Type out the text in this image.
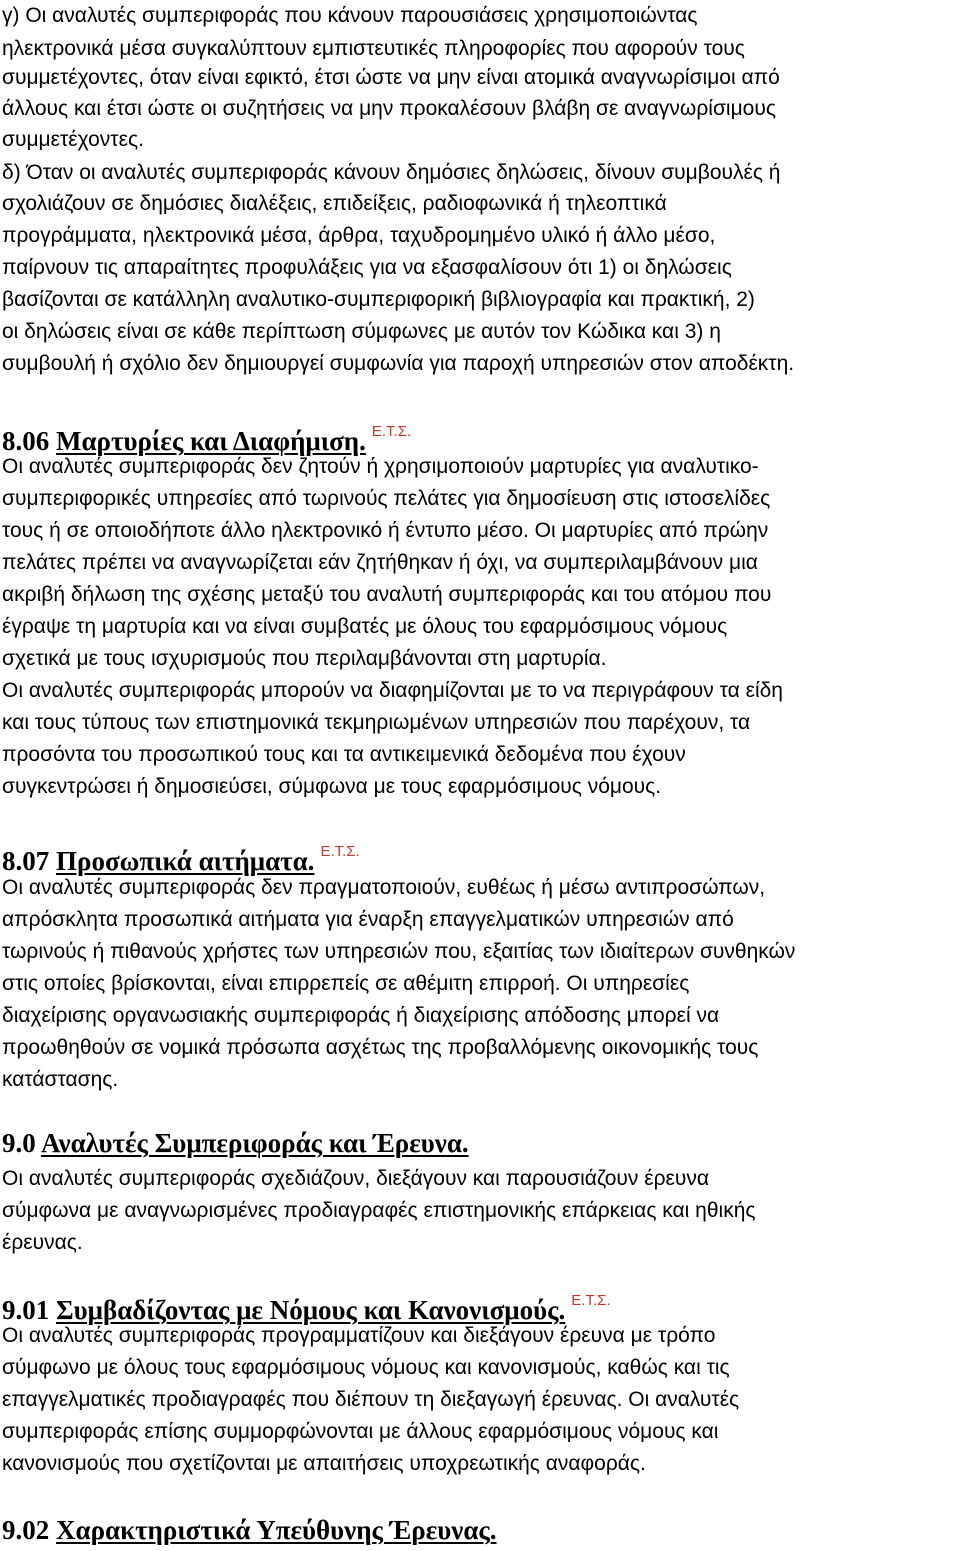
γ) Οι αναλυτές συμπεριφοράς που κάνουν παρουσιάσεις χρησιμοποιώντας

ηλεκτρονικά μέσα συγκαλύπτουν εμπιστευτικές πληροφορίες που αφορούν τους

συμμετέχοντες, όταν είναι εφικτό, έτσι ώστε να μην είναι ατομικά αναγνωρίσιμοι από

άλλους και έτσι ώστε οι συζητήσεις να μην προκαλέσουν βλάβη σε αναγνωρίσιμους

συμμετέχοντες.

δ) Όταν οι αναλυτές συμπεριφοράς κάνουν δημόσιες δηλώσεις, δίνουν συμβουλές ή

σχολιάζουν σε δημόσιες διαλέξεις, επιδείξεις, ραδιοφωνικά ή τηλεοπτικά

προγράμματα, ηλεκτρονικά μέσα, άρθρα, ταχυδρομημένο υλικό ή άλλο μέσο,

παίρνουν τις απαραίτητες προφυλάξεις για να εξασφαλίσουν ότι 1) οι δηλώσεις

βασίζονται σε κατάλληλη αναλυτικο-συμπεριφορική βιβλιογραφία και πρακτική, 2)

οι δηλώσεις είναι σε κάθε περίπτωση σύμφωνες με αυτόν τον Κώδικα και 3) η

συμβουλή ή σχόλιο δεν δημιουργεί συμφωνία για παροχή υπηρεσιών στον αποδέκτη.

8.06 Μαρτυρίες και Διαφήμιση. $^{E.T.\Sigma.}$

Οι αναλυτές συμπεριφοράς δεν ζητούν ή χρησιμοποιούν μαρτυρίες για αναλυτικο-

συμπεριφορικές υπηρεσίες από τωρινούς πελάτες για δημοσίευση στις ιστοσελίδες

τους ή σε οποιοδήποτε άλλο ηλεκτρονικό ή έντυπο μέσο. Οι μαρτυρίες από πρώην

πελάτες πρέπει να αναγνωρίζεται εάν ζητήθηκαν ή όχι, να συμπεριλαμβάνουν μια

ακριβή δήλωση της σχέσης μεταξύ του αναλυτή συμπεριφοράς και του ατόμου που

έγραψε τη μαρτυρία και να είναι συμβατές με όλους του εφαρμόσιμους νόμους

σχετικά με τους ισχυρισμούς που περιλαμβάνονται στη μαρτυρία.

Οι αναλυτές συμπεριφοράς μπορούν να διαφημίζονται με το να περιγράφουν τα είδη

και τους τύπους των επιστημονικά τεκμηριωμένων υπηρεσιών που παρέχουν, τα

προσόντα του προσωπικού τους και τα αντικειμενικά δεδομένα που έχουν

συγκεντρώσει ή δημοσιεύσει, σύμφωνα με τους εφαρμόσιμους νόμους.

8.07 Προσωπικά αιτήματα. $^{E.T.\Sigma.}$

Οι αναλυτές συμπεριφοράς δεν πραγματοποιούν, ευθέως ή μέσω αντιπροσώπων,

απρόσκλητα προσωπικά αιτήματα για έναρξη επαγγελματικών υπηρεσιών από

τωρινούς ή πιθανούς χρήστες των υπηρεσιών που, εξαιτίας των ιδιαίτερων συνθηκών

στις οποίες βρίσκονται, είναι επιρρεπείς σε αθέμιτη επιρροή. Οι υπηρεσίες

διαχείρισης οργανωσιακής συμπεριφοράς ή διαχείρισης απόδοσης μπορεί να

προωθηθούν σε νομικά πρόσωπα ασχέτως της προβαλλόμενης οικονομικής τους

κατάστασης.

9.0 Αναλυτές Συμπεριφοράς και Έρευνα.

Οι αναλυτές συμπεριφοράς σχεδιάζουν, διεξάγουν και παρουσιάζουν έρευνα

σύμφωνα με αναγνωρισμένες προδιαγραφές επιστημονικής επάρκειας και ηθικής

έρευνας.

9.01 Συμβαδίζοντας με Νόμους και Κανονισμούς. $^{E.T.\Sigma.}$

Οι αναλυτές συμπεριφοράς προγραμματίζουν και διεξάγουν έρευνα με τρόπο

σύμφωνο με όλους τους εφαρμόσιμους νόμους και κανονισμούς, καθώς και τις

επαγγελματικές προδιαγραφές που διέπουν τη διεξαγωγή έρευνας. Οι αναλυτές

συμπεριφοράς επίσης συμμορφώνονται με άλλους εφαρμόσιμους νόμους και

κανονισμούς που σχετίζονται με απαιτήσεις υποχρεωτικής αναφοράς.

9.02 Χαρακτηριστικά Υπεύθυνης Έρευνας.
